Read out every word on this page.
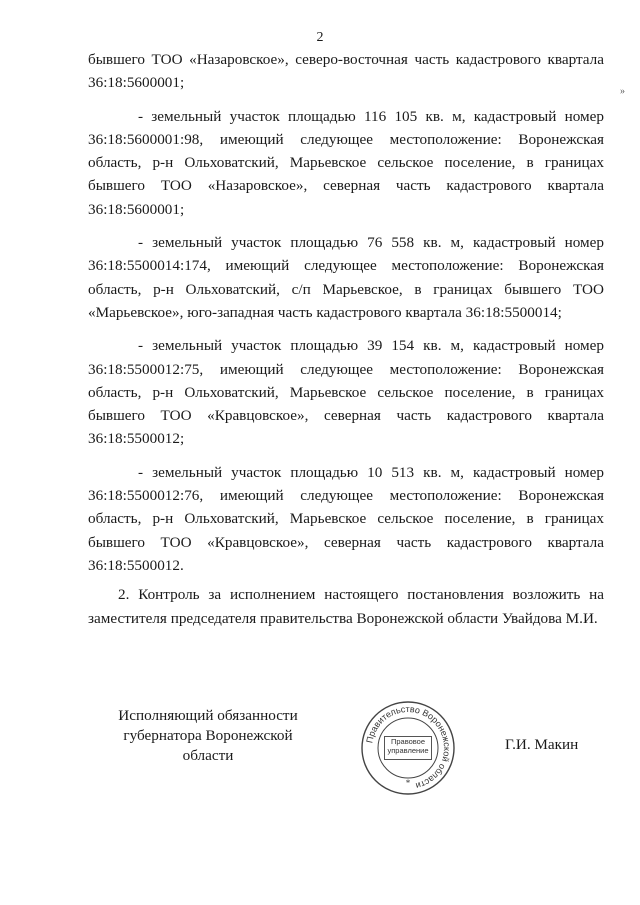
2
»

бывшего ТОО «Назаровское», северо-восточная часть кадастрового квартала 36:18:5600001;

- земельный участок площадью 116 105 кв. м, кадастровый номер 36:18:5600001:98, имеющий следующее местоположение: Воронежская область, р-н Ольховатский, Марьевское сельское поселение, в границах бывшего ТОО «Назаровское», северная часть кадастрового квартала 36:18:5600001;

- земельный участок площадью 76 558 кв. м, кадастровый номер 36:18:5500014:174, имеющий следующее местоположение: Воронежская область, р-н Ольховатский, с/п Марьевское, в границах бывшего ТОО «Марьевское», юго-западная часть кадастрового квартала 36:18:5500014;

- земельный участок площадью 39 154 кв. м, кадастровый номер 36:18:5500012:75, имеющий следующее местоположение: Воронежская область, р-н Ольховатский, Марьевское сельское поселение, в границах бывшего ТОО «Кравцовское», северная часть кадастрового квартала 36:18:5500012;

- земельный участок площадью 10 513 кв. м, кадастровый номер 36:18:5500012:76, имеющий следующее местоположение: Воронежская область, р-н Ольховатский, Марьевское сельское поселение, в границах бывшего ТОО «Кравцовское», северная часть кадастрового квартала 36:18:5500012.

2. Контроль за исполнением настоящего постановления возложить на заместителя председателя правительства Воронежской области Увайдова М.И.

Исполняющий обязанности
губернатора Воронежской области
Правительство Воронежской области
*
Правовое
управление	Г.И. Макин
